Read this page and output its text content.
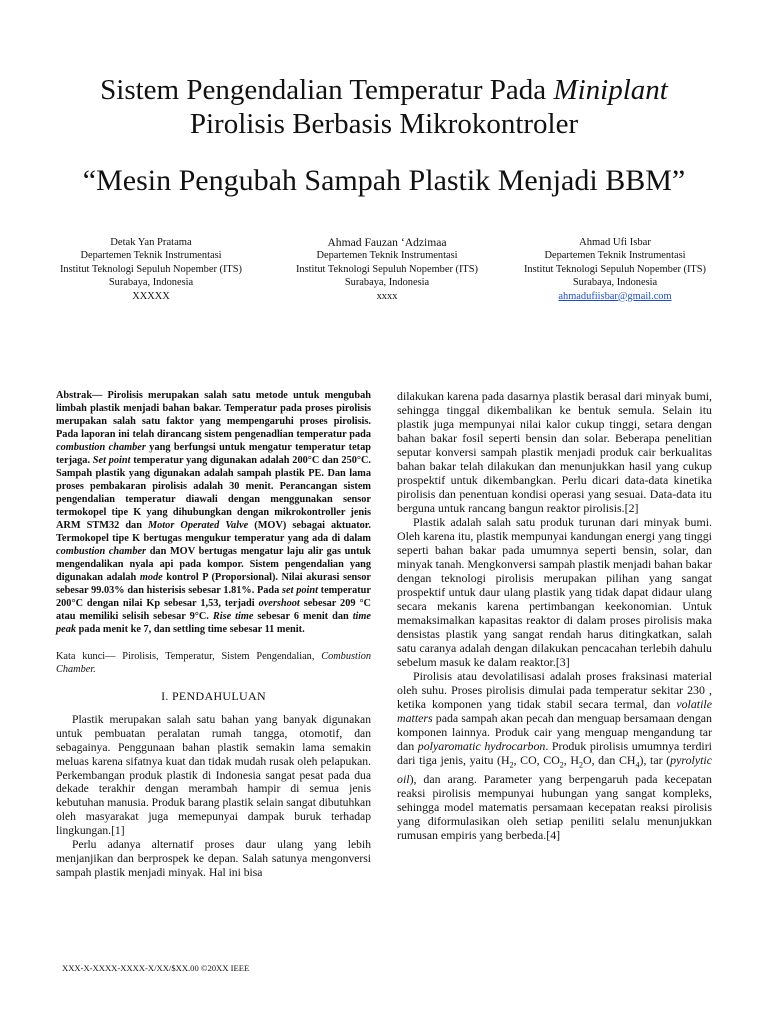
Sistem Pengendalian Temperatur Pada Miniplant
Pirolisis Berbasis Mikrokontroler
“Mesin Pengubah Sampah Plastik Menjadi BBM”
Detak Yan Pratama
Departemen Teknik Instrumentasi
Institut Teknologi Sepuluh Nopember (ITS)
Surabaya, Indonesia
XXXXX
Ahmad Fauzan ‘Adzimaa
Departemen Teknik Instrumentasi
Institut Teknologi Sepuluh Nopember (ITS)
Surabaya, Indonesia
xxxx
Ahmad Ufi Isbar
Departemen Teknik Instrumentasi
Institut Teknologi Sepuluh Nopember (ITS)
Surabaya, Indonesia
ahmadufiisbar@gmail.com

Abstrak— Pirolisis merupakan salah satu metode untuk mengubah limbah plastik menjadi bahan bakar. Temperatur pada proses pirolisis merupakan salah satu faktor yang mempengaruhi proses pirolisis. Pada laporan ini telah dirancang sistem pengenadlian temperatur pada combustion chamber yang berfungsi untuk mengatur temperatur tetap terjaga. Set point temperatur yang digunakan adalah 200°C dan 250°C. Sampah plastik yang digunakan adalah sampah plastik PE. Dan lama proses pembakaran pirolisis adalah 30 menit. Perancangan sistem pengendalian temperatur diawali dengan menggunakan sensor termokopel tipe K yang dihubungkan dengan mikrokontroller jenis ARM STM32 dan Motor Operated Valve (MOV) sebagai aktuator. Termokopel tipe K bertugas mengukur temperatur yang ada di dalam combustion chamber dan MOV bertugas mengatur laju alir gas untuk mengendalikan nyala api pada kompor. Sistem pengendalian yang digunakan adalah mode kontrol P (Proporsional). Nilai akurasi sensor sebesar 99.03% dan histerisis sebesar 1.81%. Pada set point temperatur 200°C dengan nilai Kp sebesar 1,53, terjadi overshoot sebesar 209 °C atau memiliki selisih sebesar 9°C. Rise time sebesar 6 menit dan time peak pada menit ke 7, dan settling time sebesar 11 menit.

Kata kunci— Pirolisis, Temperatur, Sistem Pengendalian, Combustion Chamber.

I. PENDAHULUAN

Plastik merupakan salah satu bahan yang banyak digunakan untuk pembuatan peralatan rumah tangga, otomotif, dan sebagainya. Penggunaan bahan plastik semakin lama semakin meluas karena sifatnya kuat dan tidak mudah rusak oleh pelapukan. Perkembangan produk plastik di Indonesia sangat pesat pada dua dekade terakhir dengan merambah hampir di semua jenis kebutuhan manusia. Produk barang plastik selain sangat dibutuhkan oleh masyarakat juga memepunyai dampak buruk terhadap lingkungan.[1]

Perlu adanya alternatif proses daur ulang yang lebih menjanjikan dan berprospek ke depan. Salah satunya mengonversi sampah plastik menjadi minyak. Hal ini bisa

dilakukan karena pada dasarnya plastik berasal dari minyak bumi, sehingga tinggal dikembalikan ke bentuk semula. Selain itu plastik juga mempunyai nilai kalor cukup tinggi, setara dengan bahan bakar fosil seperti bensin dan solar. Beberapa penelitian seputar konversi sampah plastik menjadi produk cair berkualitas bahan bakar telah dilakukan dan menunjukkan hasil yang cukup prospektif untuk dikembangkan. Perlu dicari data-data kinetika pirolisis dan penentuan kondisi operasi yang sesuai. Data-data itu berguna untuk rancang bangun reaktor pirolisis.[2]

Plastik adalah salah satu produk turunan dari minyak bumi. Oleh karena itu, plastik mempunyai kandungan energi yang tinggi seperti bahan bakar pada umumnya seperti bensin, solar, dan minyak tanah. Mengkonversi sampah plastik menjadi bahan bakar dengan teknologi pirolisis merupakan pilihan yang sangat prospektif untuk daur ulang plastik yang tidak dapat didaur ulang secara mekanis karena pertimbangan keekonomian. Untuk memaksimalkan kapasitas reaktor di dalam proses pirolisis maka densistas plastik yang sangat rendah harus ditingkatkan, salah satu caranya adalah dengan dilakukan pencacahan terlebih dahulu sebelum masuk ke dalam reaktor.[3]

Pirolisis atau devolatilisasi adalah proses fraksinasi material oleh suhu. Proses pirolisis dimulai pada temperatur sekitar 230 , ketika komponen yang tidak stabil secara termal, dan volatile matters pada sampah akan pecah dan menguap bersamaan dengan komponen lainnya. Produk cair yang menguap mengandung tar dan polyaromatic hydrocarbon. Produk pirolisis umumnya terdiri dari tiga jenis, yaitu ($H_2$, CO, $CO_2$, $H_2O$, dan $CH_4$), tar (pyrolytic oil), dan arang. Parameter yang berpengaruh pada kecepatan reaksi pirolisis mempunyai hubungan yang sangat kompleks, sehingga model matematis persamaan kecepatan reaksi pirolisis yang diformulasikan oleh setiap peniliti selalu menunjukkan rumusan empiris yang berbeda.[4]

XXX-X-XXXX-XXXX-X/XX/$XX.00 ©20XX IEEE
